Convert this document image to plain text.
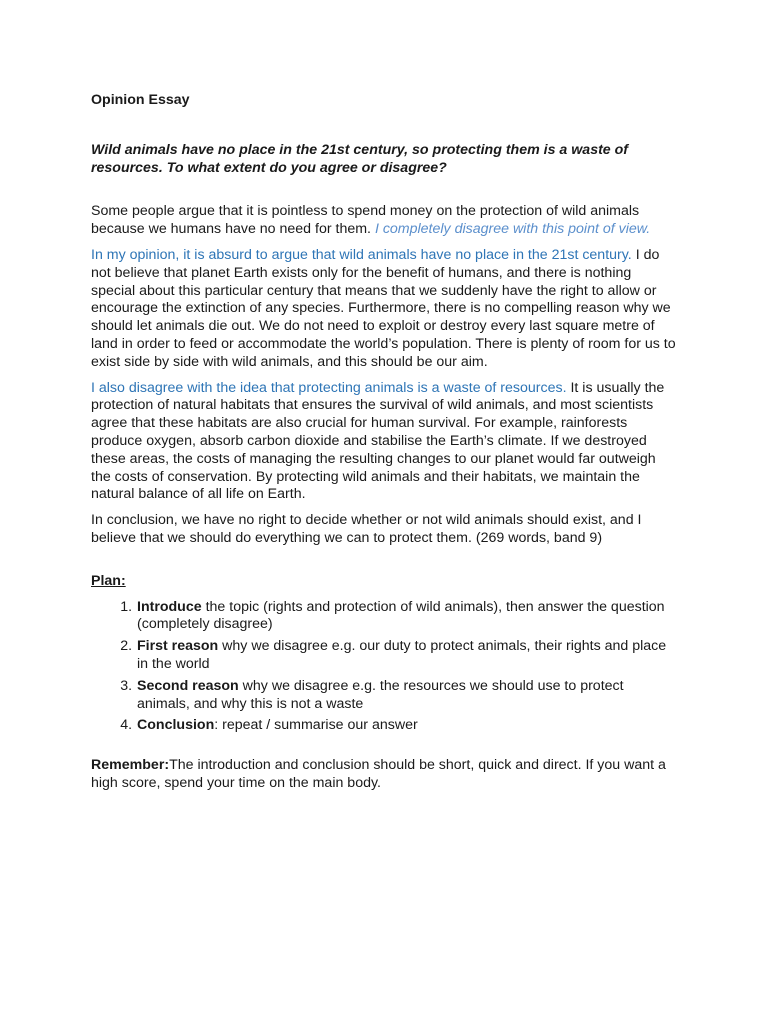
Opinion Essay
Wild animals have no place in the 21st century, so protecting them is a waste of resources. To what extent do you agree or disagree?

Some people argue that it is pointless to spend money on the protection of wild animals because we humans have no need for them. I completely disagree with this point of view.

In my opinion, it is absurd to argue that wild animals have no place in the 21st century. I do not believe that planet Earth exists only for the benefit of humans, and there is nothing special about this particular century that means that we suddenly have the right to allow or encourage the extinction of any species. Furthermore, there is no compelling reason why we should let animals die out. We do not need to exploit or destroy every last square metre of land in order to feed or accommodate the world’s population. There is plenty of room for us to exist side by side with wild animals, and this should be our aim.

I also disagree with the idea that protecting animals is a waste of resources. It is usually the protection of natural habitats that ensures the survival of wild animals, and most scientists agree that these habitats are also crucial for human survival. For example, rainforests produce oxygen, absorb carbon dioxide and stabilise the Earth’s climate. If we destroyed these areas, the costs of managing the resulting changes to our planet would far outweigh the costs of conservation. By protecting wild animals and their habitats, we maintain the natural balance of all life on Earth.

In conclusion, we have no right to decide whether or not wild animals should exist, and I believe that we should do everything we can to protect them. (269 words, band 9)

Plan:
1. Introduce the topic (rights and protection of wild animals), then answer the question (completely disagree)
2. First reason why we disagree e.g. our duty to protect animals, their rights and place in the world
3. Second reason why we disagree e.g. the resources we should use to protect animals, and why this is not a waste
4. Conclusion: repeat / summarise our answer

Remember:The introduction and conclusion should be short, quick and direct. If you want a high score, spend your time on the main body.
